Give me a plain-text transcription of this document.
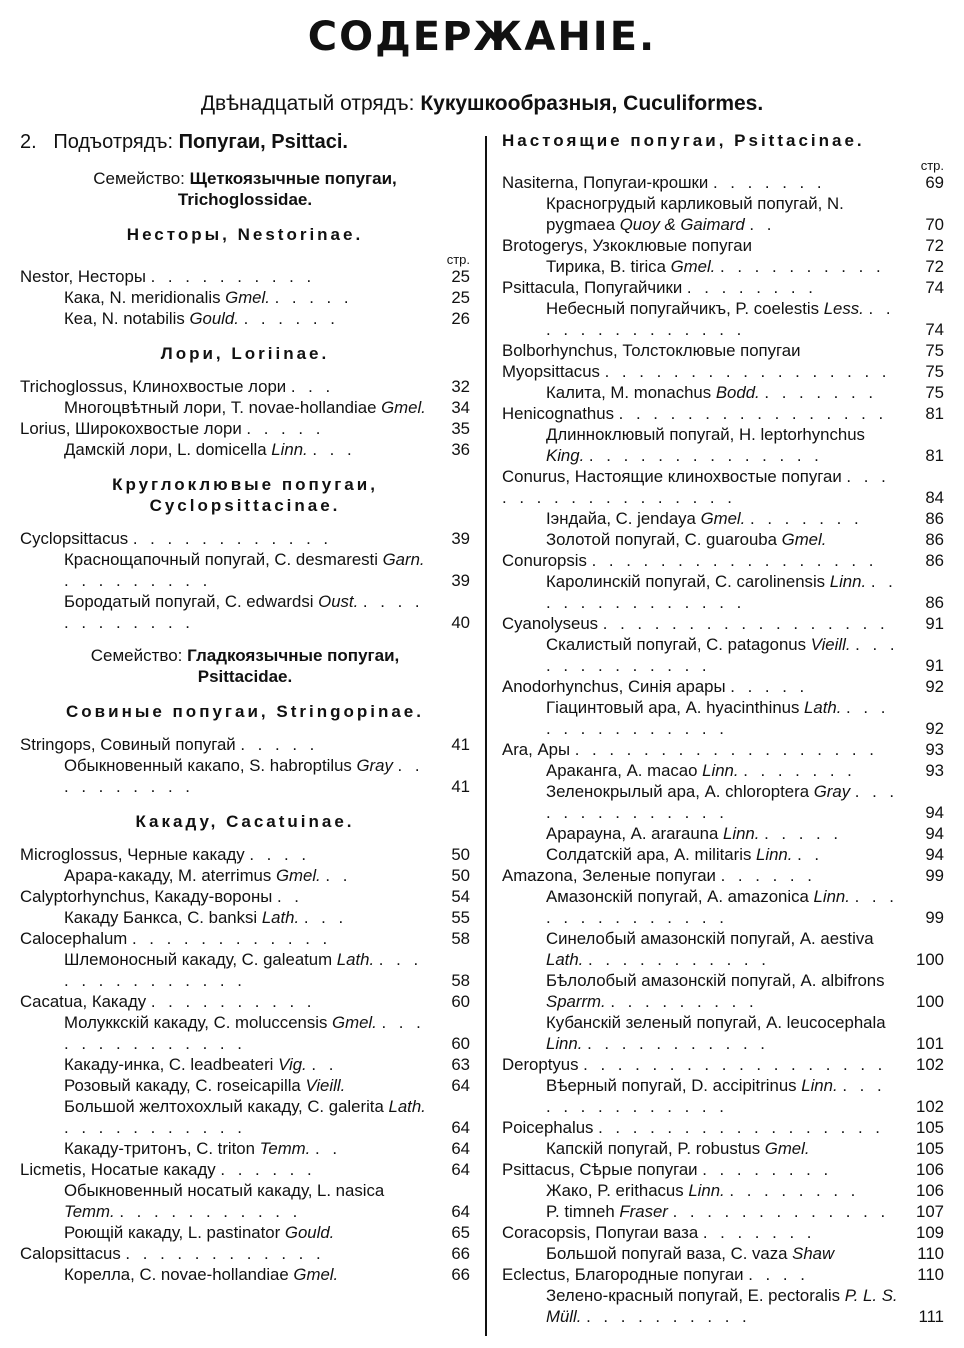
СОДЕРЖАНІЕ.

Двѣнадцатый отрядъ: Кукушкообразныя, Cuculiformes.

2. Подъотрядъ: Попугаи, Psittaci.
Семейство: Щеткоязычные попугаи,
Trichoglossidae.
Несторы, Nestorinae.
стр.
Nestor, Несторы . . . . . . . . . .	25
Кака, N. meridionalis Gmel. . . . . .	25
Кеа, N. notabilis Gould. . . . . . .	26
Лори, Loriinae.
Trichoglossus, Клинохвостые лори . . .	32
Многоцвѣтный лори, T. novae-hollandiae Gmel.	34
Lorius, Широкохвостые лори . . . . .	35
Дамскій лори, L. domicella Linn. . . .	36
Круглоклювые попугаи, Cyclopsittacinae.
Cyclopsittacus . . . . . . . . . . . .	39
Краснощапочный попугай, C. desmaresti Garn. . . . . . . . . .	39
Бородатый попугай, C. edwardsi Oust. . . . . . . . . . . . .	40
Семейство: Гладкоязычные попугаи,
Psittacidae.
Совиные попугаи, Stringopinae.
Stringops, Совиный попугай . . . . .	41
Обыкновенный какапо, S. habroptilus Gray . . . . . . . . . .	41
Какаду, Cacatuinae.
Microglossus, Черные какаду . . . .	50
Арара-какаду, M. aterrimus Gmel. . .	50
Calyptorhynchus, Какаду-вороны . .	54
Какаду Банкса, C. banksi Lath. . . .	55
Calocephalum . . . . . . . . . . . .	58
Шлемоносный какаду, C. galeatum Lath. . . . . . . . . . . . . . .	58
Cacatua, Какаду . . . . . . . . . .	60
Молуккскій какаду, C. moluccensis Gmel. . . . . . . . . . . . . . .	60
Какаду-инка, C. leadbeateri Vig. . .	63
Розовый какаду, C. roseicapilla Vieill.	64
Большой желтохохлый какаду, C. galerita Lath. . . . . . . . . . . .	64
Какаду-тритонъ, C. triton Temm. . .	64
Licmetis, Носатые какаду . . . . . .	64
Обыкновенный носатый какаду, L. nasica Temm. . . . . . . . . . . .	64
Роющій какаду, L. pastinator Gould.	65
Calopsittacus . . . . . . . . . . . .	66
Корелла, C. novae-hollandiae Gmel.	66
Настоящие попугаи, Psittacinae.
стр.
Nasiterna, Попугаи-крошки . . . . . . .	69
Красногрудый карликовый попугай, N. pygmaea Quoy & Gaimard . .	70
Brotogerys, Узкоклювые попугаи	72
Тирика, B. tirica Gmel. . . . . . . . . . .	72
Psittacula, Попугайчики . . . . . . . .	74
Небесный попугайчикъ, P. coelestis Less. . . . . . . . . . . . . . .	74
Bolborhynchus, Толстоклювые попугаи	75
Myopsittacus . . . . . . . . . . . . . . . . .	75
Калита, M. monachus Bodd. . . . . . . .	75
Henicognathus . . . . . . . . . . . . . . . .	81
Длинноклювый попугай, H. leptorhynchus King. . . . . . . . . . . . . . .	81
Conurus, Настоящие клинохвостые попугаи . . . . . . . . . . . . . . . . .	84
Іэндайа, C. jendaya Gmel. . . . . . . .	86
Золотой попугай, C. guarouba Gmel.	86
Conuropsis . . . . . . . . . . . . . . . . .	86
Каролинскій попугай, C. carolinensis Linn. . . . . . . . . . . . . . .	86
Cyanolyseus . . . . . . . . . . . . . . . . .	91
Скалистый попугай, C. patagonus Vieill. . . . . . . . . . . . . .	91
Anodorhynchus, Синія арары . . . . .	92
Гіацинтовый ара, A. hyacinthinus Lath. . . . . . . . . . . . . . .	92
Ara, Ары . . . . . . . . . . . . . . . . . .	93
Араканга, A. macao Linn. . . . . . . .	93
Зеленокрылый ара, A. chloroptera Gray . . . . . . . . . . . . . .	94
Арарауна, A. ararauna Linn. . . . . .	94
Солдатскій ара, A. militaris Linn. . .	94
Amazona, Зеленые попугаи . . . . . .	99
Амазонскій попугай, A. amazonica Linn. . . . . . . . . . . . . . .	99
Синелобый амазонскій попугай, A. aestiva Lath. . . . . . . . . . . .	100
Бѣлолобый амазонскій попугай, A. albifrons Sparrm. . . . . . . . . .	100
Кубанскій зеленый попугай, A. leucocephala Linn. . . . . . . . . . . .	101
Deroptyus . . . . . . . . . . . . . . . . . .	102
Вѣерный попугай, D. accipitrinus Linn. . . . . . . . . . . . . . .	102
Poicephalus . . . . . . . . . . . . . . . . .	105
Капскій попугай, P. robustus Gmel.	105
Psittacus, Сѣрые попугаи . . . . . . . .	106
Жако, P. erithacus Linn. . . . . . . . .	106
P. timneh Fraser . . . . . . . . . . . . .	107
Coracopsis, Попугаи ваза . . . . . . .	109
Большой попугай ваза, C. vaza Shaw	110
Eclectus, Благородные попугаи . . . .	110
Зелено-красный попугай, E. pectoralis P. L. S. Müll. . . . . . . . . . .	111
